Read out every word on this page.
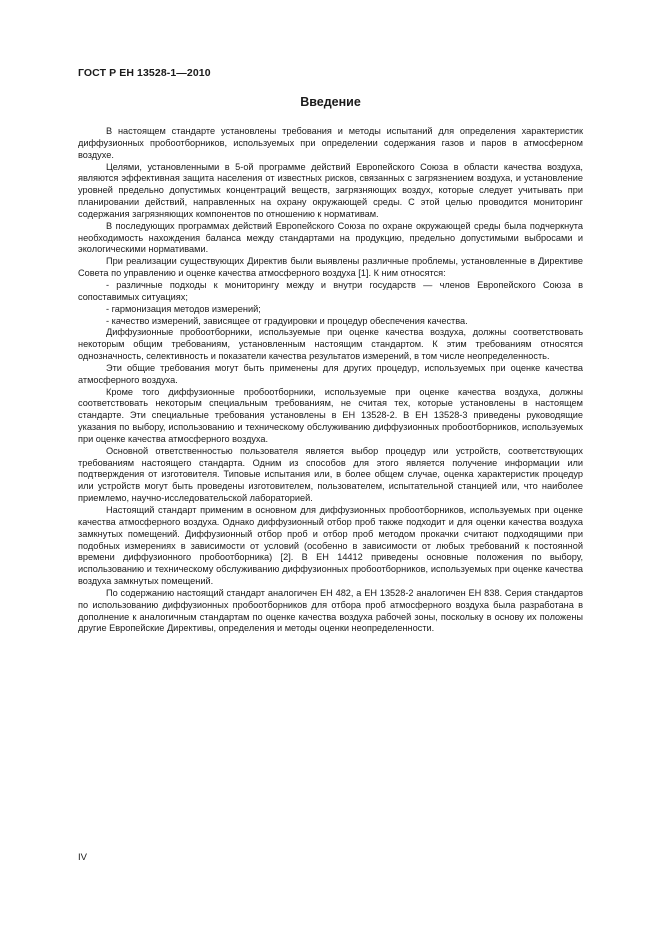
ГОСТ Р ЕН 13528-1—2010
Введение

В настоящем стандарте установлены требования и методы испытаний для определения характеристик диффузионных пробоотборников, используемых при определении содержания газов и паров в атмосферном воздухе.

Целями, установленными в 5-ой программе действий Европейского Союза в области качества воздуха, являются эффективная защита населения от известных рисков, связанных с загрязнением воздуха, и установление уровней предельно допустимых концентраций веществ, загрязняющих воздух, которые следует учитывать при планировании действий, направленных на охрану окружающей среды. С этой целью проводится мониторинг содержания загрязняющих компонентов по отношению к нормативам.

В последующих программах действий Европейского Союза по охране окружающей среды была подчеркнута необходимость нахождения баланса между стандартами на продукцию, предельно допустимыми выбросами и экологическими нормативами.

При реализации существующих Директив были выявлены различные проблемы, установленные в Директиве Совета по управлению и оценке качества атмосферного воздуха [1]. К ним относятся:

- различные подходы к мониторингу между и внутри государств — членов Европейского Союза в сопоставимых ситуациях;

- гармонизация методов измерений;

- качество измерений, зависящее от градуировки и процедур обеспечения качества.

Диффузионные пробоотборники, используемые при оценке качества воздуха, должны соответствовать некоторым общим требованиям, установленным настоящим стандартом. К этим требованиям относятся однозначность, селективность и показатели качества результатов измерений, в том числе неопределенность.

Эти общие требования могут быть применены для других процедур, используемых при оценке качества атмосферного воздуха.

Кроме того диффузионные пробоотборники, используемые при оценке качества воздуха, должны соответствовать некоторым специальным требованиям, не считая тех, которые установлены в настоящем стандарте. Эти специальные требования установлены в ЕН 13528-2. В ЕН 13528-3 приведены руководящие указания по выбору, использованию и техническому обслуживанию диффузионных пробоотборников, используемых при оценке качества атмосферного воздуха.

Основной ответственностью пользователя является выбор процедур или устройств, соответствующих требованиям настоящего стандарта. Одним из способов для этого является получение информации или подтверждения от изготовителя. Типовые испытания или, в более общем случае, оценка характеристик процедур или устройств могут быть проведены изготовителем, пользователем, испытательной станцией или, что наиболее приемлемо, научно-исследовательской лабораторией.

Настоящий стандарт применим в основном для диффузионных пробоотборников, используемых при оценке качества атмосферного воздуха. Однако диффузионный отбор проб также подходит и для оценки качества воздуха замкнутых помещений. Диффузионный отбор проб и отбор проб методом прокачки считают подходящими при подобных измерениях в зависимости от условий (особенно в зависимости от любых требований к постоянной времени диффузионного пробоотборника) [2]. В ЕН 14412 приведены основные положения по выбору, использованию и техническому обслуживанию диффузионных пробоотборников, используемых при оценке качества воздуха замкнутых помещений.

По содержанию настоящий стандарт аналогичен ЕН 482, а ЕН 13528-2 аналогичен ЕН 838. Серия стандартов по использованию диффузионных пробоотборников для отбора проб атмосферного воздуха была разработана в дополнение к аналогичным стандартам по оценке качества воздуха рабочей зоны, поскольку в основу их положены другие Европейские Директивы, определения и методы оценки неопределенности.

IV
